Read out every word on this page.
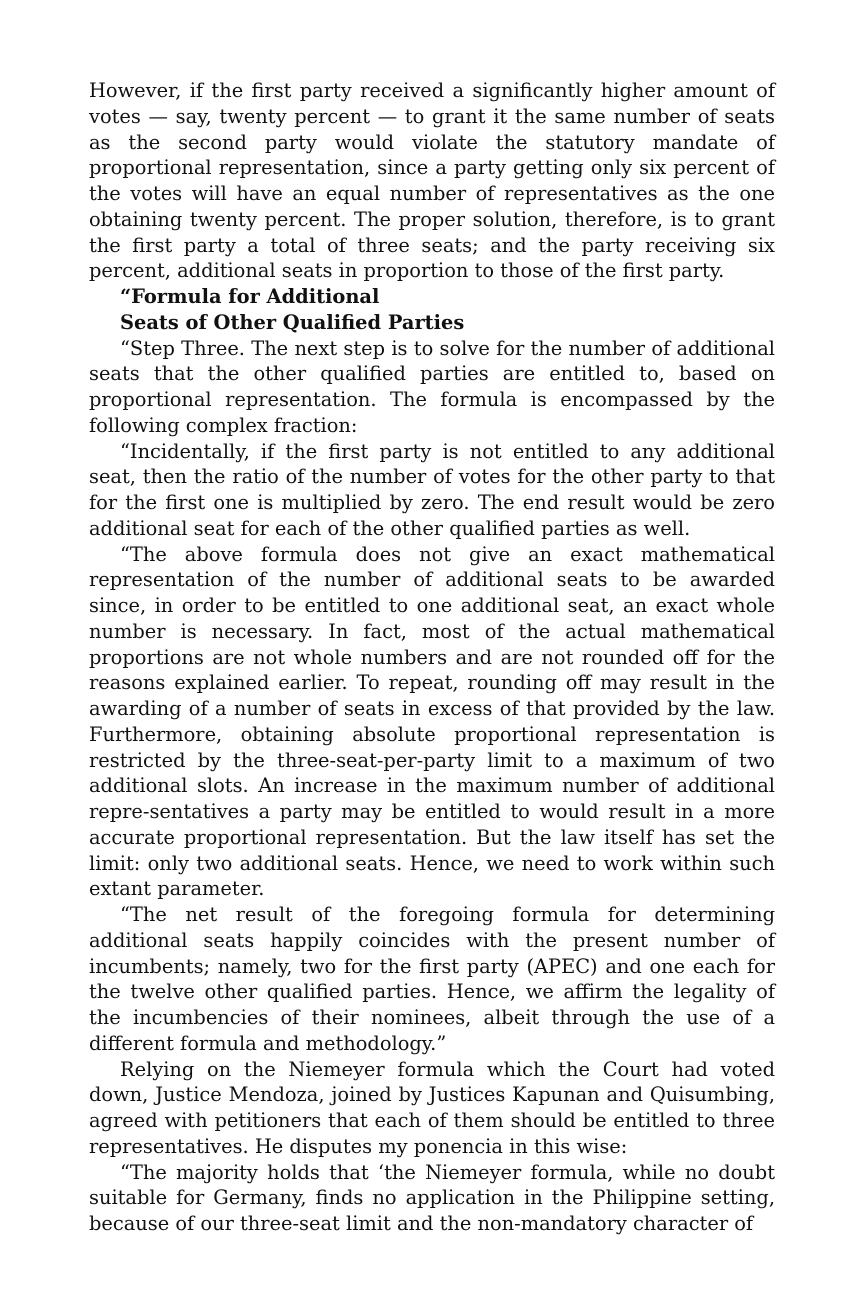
However, if the first party received a significantly higher amount of votes — say, twenty percent — to grant it the same number of seats as the second party would violate the statutory mandate of proportional representation, since a party getting only six percent of the votes will have an equal number of representatives as the one obtaining twenty percent. The proper solution, therefore, is to grant the first party a total of three seats; and the party receiving six percent, additional seats in proportion to those of the first party.

“Formula for Additional
Seats of Other Qualified Parties

“Step Three. The next step is to solve for the number of additional seats that the other qualified parties are entitled to, based on proportional representation. The formula is encompassed by the following complex fraction:

“Incidentally, if the first party is not entitled to any additional seat, then the ratio of the number of votes for the other party to that for the first one is multiplied by zero. The end result would be zero additional seat for each of the other qualified parties as well.

“The above formula does not give an exact mathematical representation of the number of additional seats to be awarded since, in order to be entitled to one additional seat, an exact whole number is necessary. In fact, most of the actual mathematical proportions are not whole numbers and are not rounded off for the reasons explained earlier. To repeat, rounding off may result in the awarding of a number of seats in excess of that provided by the law. Furthermore, obtaining absolute proportional representation is restricted by the three-seat-per-party limit to a maximum of two additional slots. An increase in the maximum number of additional repre-sentatives a party may be entitled to would result in a more accurate proportional representation. But the law itself has set the limit: only two additional seats. Hence, we need to work within such extant parameter.

“The net result of the foregoing formula for determining additional seats happily coincides with the present number of incumbents; namely, two for the first party (APEC) and one each for the twelve other qualified parties. Hence, we affirm the legality of the incumbencies of their nominees, albeit through the use of a different formula and methodology.”

Relying on the Niemeyer formula which the Court had voted down, Justice Mendoza, joined by Justices Kapunan and Quisumbing, agreed with petitioners that each of them should be entitled to three representatives. He disputes my ponencia in this wise:

“The majority holds that ‘the Niemeyer formula, while no doubt suitable for Germany, finds no application in the Philippine setting, because of our three-seat limit and the non-mandatory character of
